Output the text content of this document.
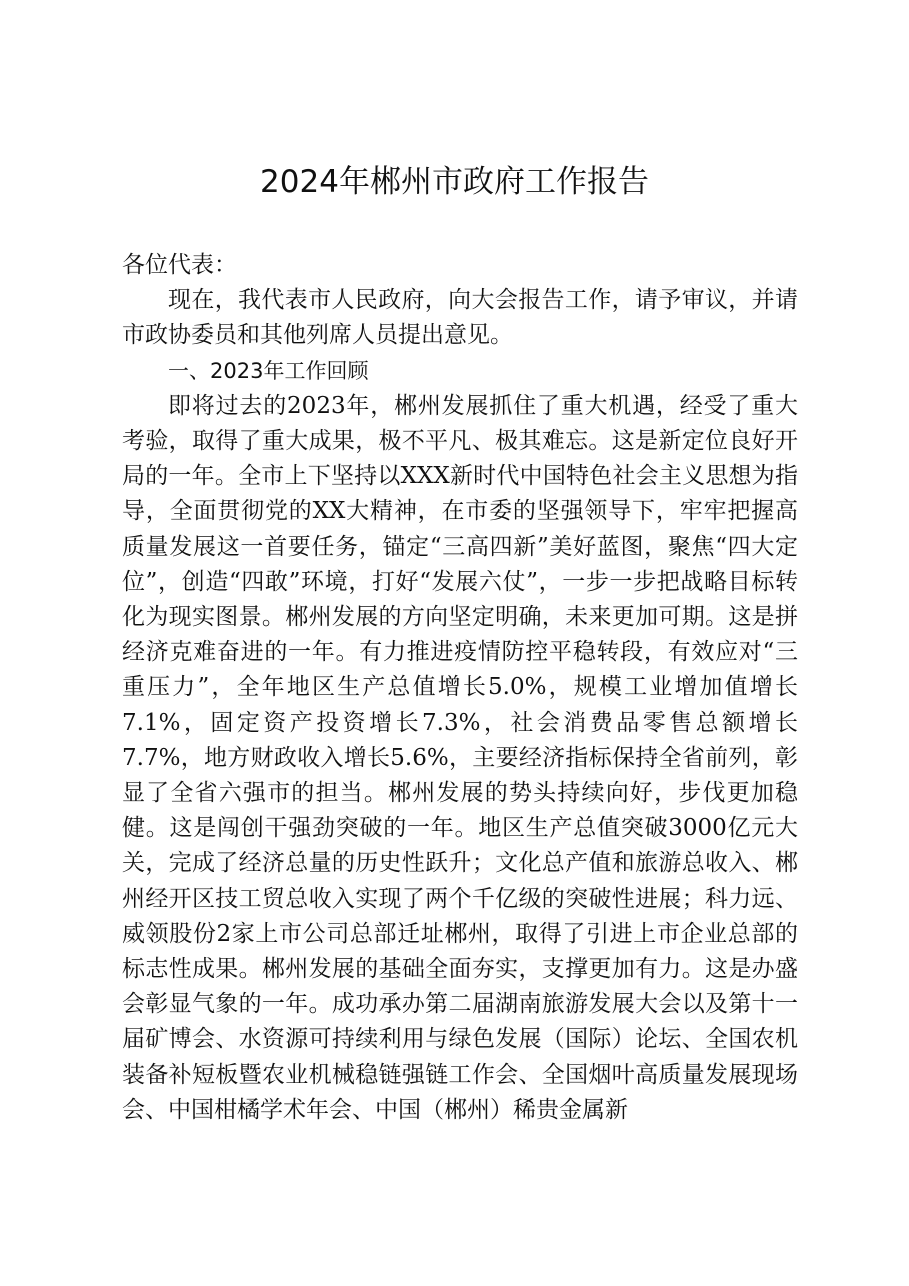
2024年郴州市政府工作报告

各位代表：

现在，我代表市人民政府，向大会报告工作，请予审议，并请市政协委员和其他列席人员提出意见。

一、2023年工作回顾

即将过去的2023年，郴州发展抓住了重大机遇，经受了重大考验，取得了重大成果，极不平凡、极其难忘。这是新定位良好开局的一年。全市上下坚持以XXX新时代中国特色社会主义思想为指导，全面贯彻党的XX大精神，在市委的坚强领导下，牢牢把握高质量发展这一首要任务，锚定“三高四新”美好蓝图，聚焦“四大定位”，创造“四敢”环境，打好“发展六仗”，一步一步把战略目标转化为现实图景。郴州发展的方向坚定明确，未来更加可期。这是拼经济克难奋进的一年。有力推进疫情防控平稳转段，有效应对“三重压力”，全年地区生产总值增长5.0%，规模工业增加值增长7.1%，固定资产投资增长7.3%，社会消费品零售总额增长7.7%，地方财政收入增长5.6%，主要经济指标保持全省前列，彰显了全省六强市的担当。郴州发展的势头持续向好，步伐更加稳健。这是闯创干强劲突破的一年。地区生产总值突破3000亿元大关，完成了经济总量的历史性跃升；文化总产值和旅游总收入、郴州经开区技工贸总收入实现了两个千亿级的突破性进展；科力远、威领股份2家上市公司总部迁址郴州，取得了引进上市企业总部的标志性成果。郴州发展的基础全面夯实，支撑更加有力。这是办盛会彰显气象的一年。成功承办第二届湖南旅游发展大会以及第十一届矿博会、水资源可持续利用与绿色发展（国际）论坛、全国农机装备补短板暨农业机械稳链强链工作会、全国烟叶高质量发展现场会、中国柑橘学术年会、中国（郴州）稀贵金属新
